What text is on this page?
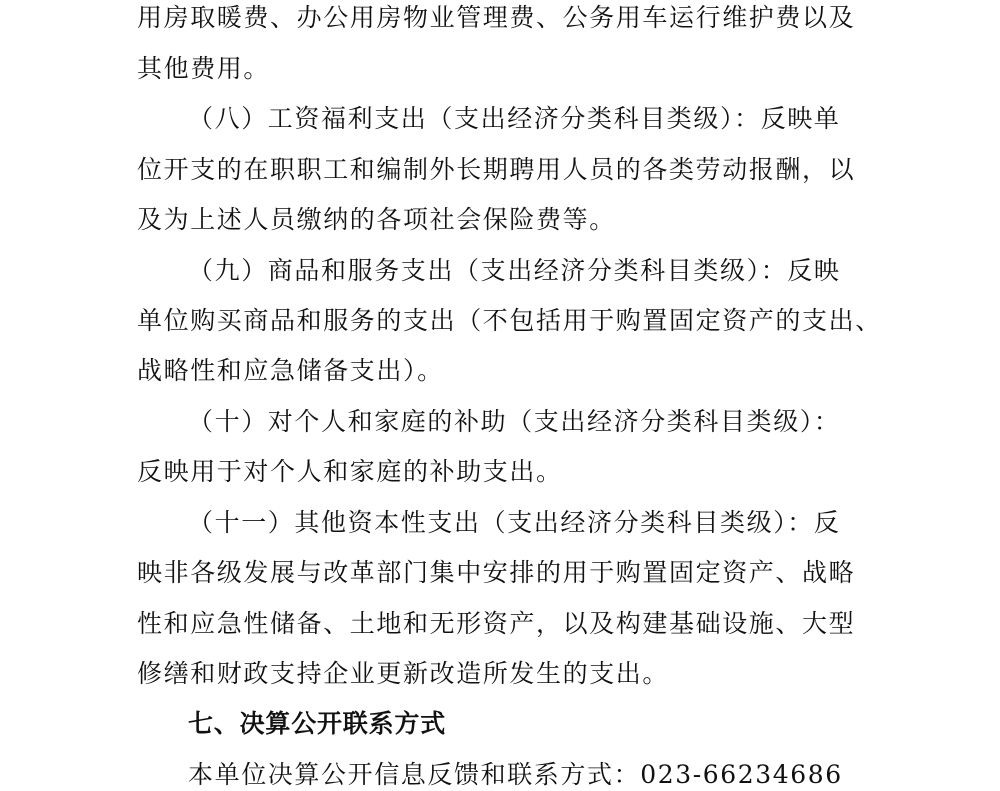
用房取暖费、办公用房物业管理费、公务用车运行维护费以及
其他费用。
（八）工资福利支出（支出经济分类科目类级）：反映单
位开支的在职职工和编制外长期聘用人员的各类劳动报酬，以
及为上述人员缴纳的各项社会保险费等。
（九）商品和服务支出（支出经济分类科目类级）：反映
单位购买商品和服务的支出（不包括用于购置固定资产的支出、
战略性和应急储备支出）。
（十）对个人和家庭的补助（支出经济分类科目类级）：
反映用于对个人和家庭的补助支出。
（十一）其他资本性支出（支出经济分类科目类级）：反
映非各级发展与改革部门集中安排的用于购置固定资产、战略
性和应急性储备、土地和无形资产，以及构建基础设施、大型
修缮和财政支持企业更新改造所发生的支出。
七、决算公开联系方式
本单位决算公开信息反馈和联系方式：023-66234686
